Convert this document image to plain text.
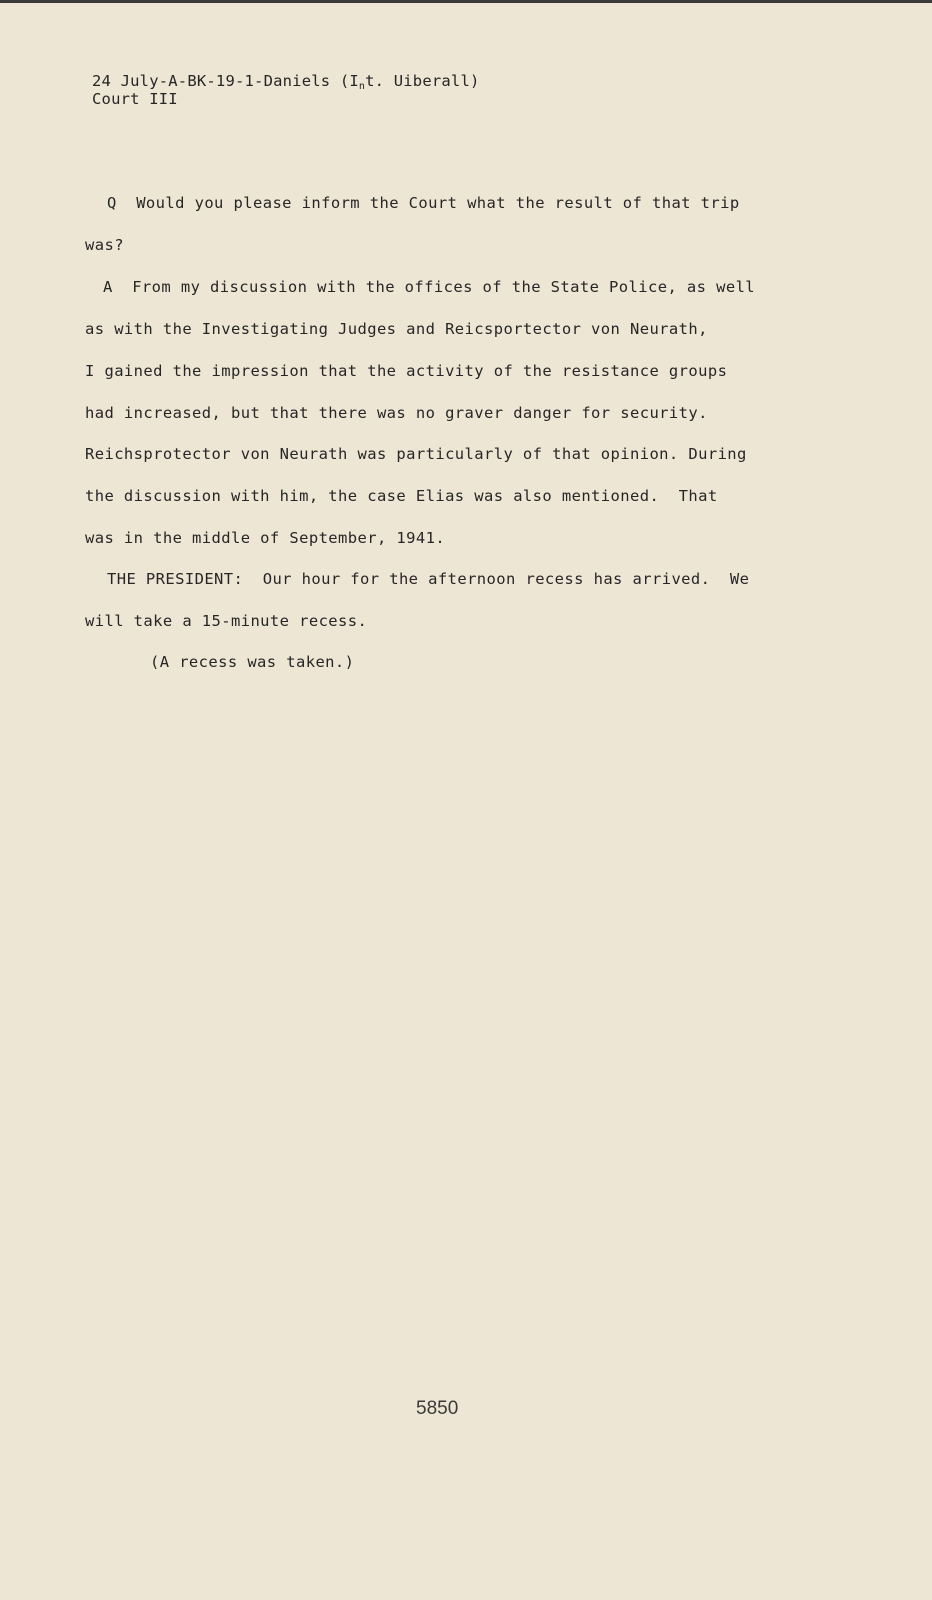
24 July-A-BK-19-1-Daniels ($I_nt$. Uiberall)
Court III
Q  Would you please inform the Court what the result of that trip
was?
A  From my discussion with the offices of the State Police, as well
as with the Investigating Judges and Reicsportector von Neurath,
I gained the impression that the activity of the resistance groups
had increased, but that there was no graver danger for security.
Reichsprotector von Neurath was particularly of that opinion. During
the discussion with him, the case Elias was also mentioned.  That
was in the middle of September, 1941.
THE PRESIDENT:  Our hour for the afternoon recess has arrived.  We
will take a 15-minute recess.
(A recess was taken.)
5850
